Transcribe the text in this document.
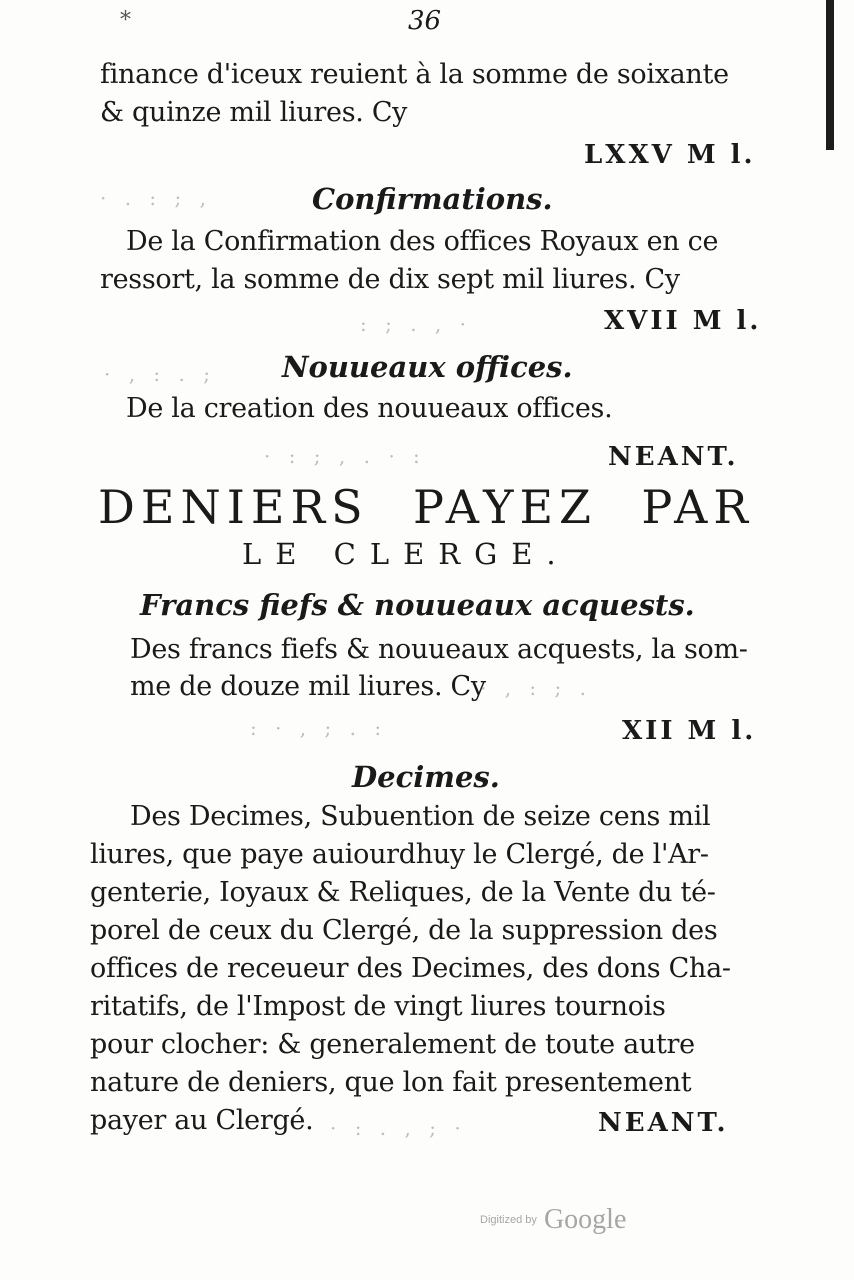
*	36
finance d'iceux reuient à la somme de soixante
& quinze mil liures. Cy
LXXV M l.
· . : ; ,	Confirmations.
De la Confirmation des offices Royaux en ce
ressort, la somme de dix sept mil liures. Cy
: ; . , ·	XVII M l.
· , : . ; Nouueaux offices.
De la creation des nouueaux offices.
· : ; , . · :	NEANT.
DENIERS PAYEZ PAR
LE CLERGE.
Francs fiefs & nouueaux acquests.
Des francs fiefs & nouueaux acquests, la som-
me de douze mil liures. Cy
· , : ; .
: · , ; . :	XII M l.
Decimes.
Des Decimes, Subuention de seize cens mil
liures, que paye auiourdhuy le Clergé, de l'Ar-
genterie, Ioyaux & Reliques, de la Vente du té-
porel de ceux du Clergé, de la suppression des
offices de receueur des Decimes, des dons Cha-
ritatifs, de l'Impost de vingt liures tournois
pour clocher: & generalement de toute autre
nature de deniers, que lon fait presentement
payer au Clergé. · : . , ; ·	NEANT.
Digitized by Google
